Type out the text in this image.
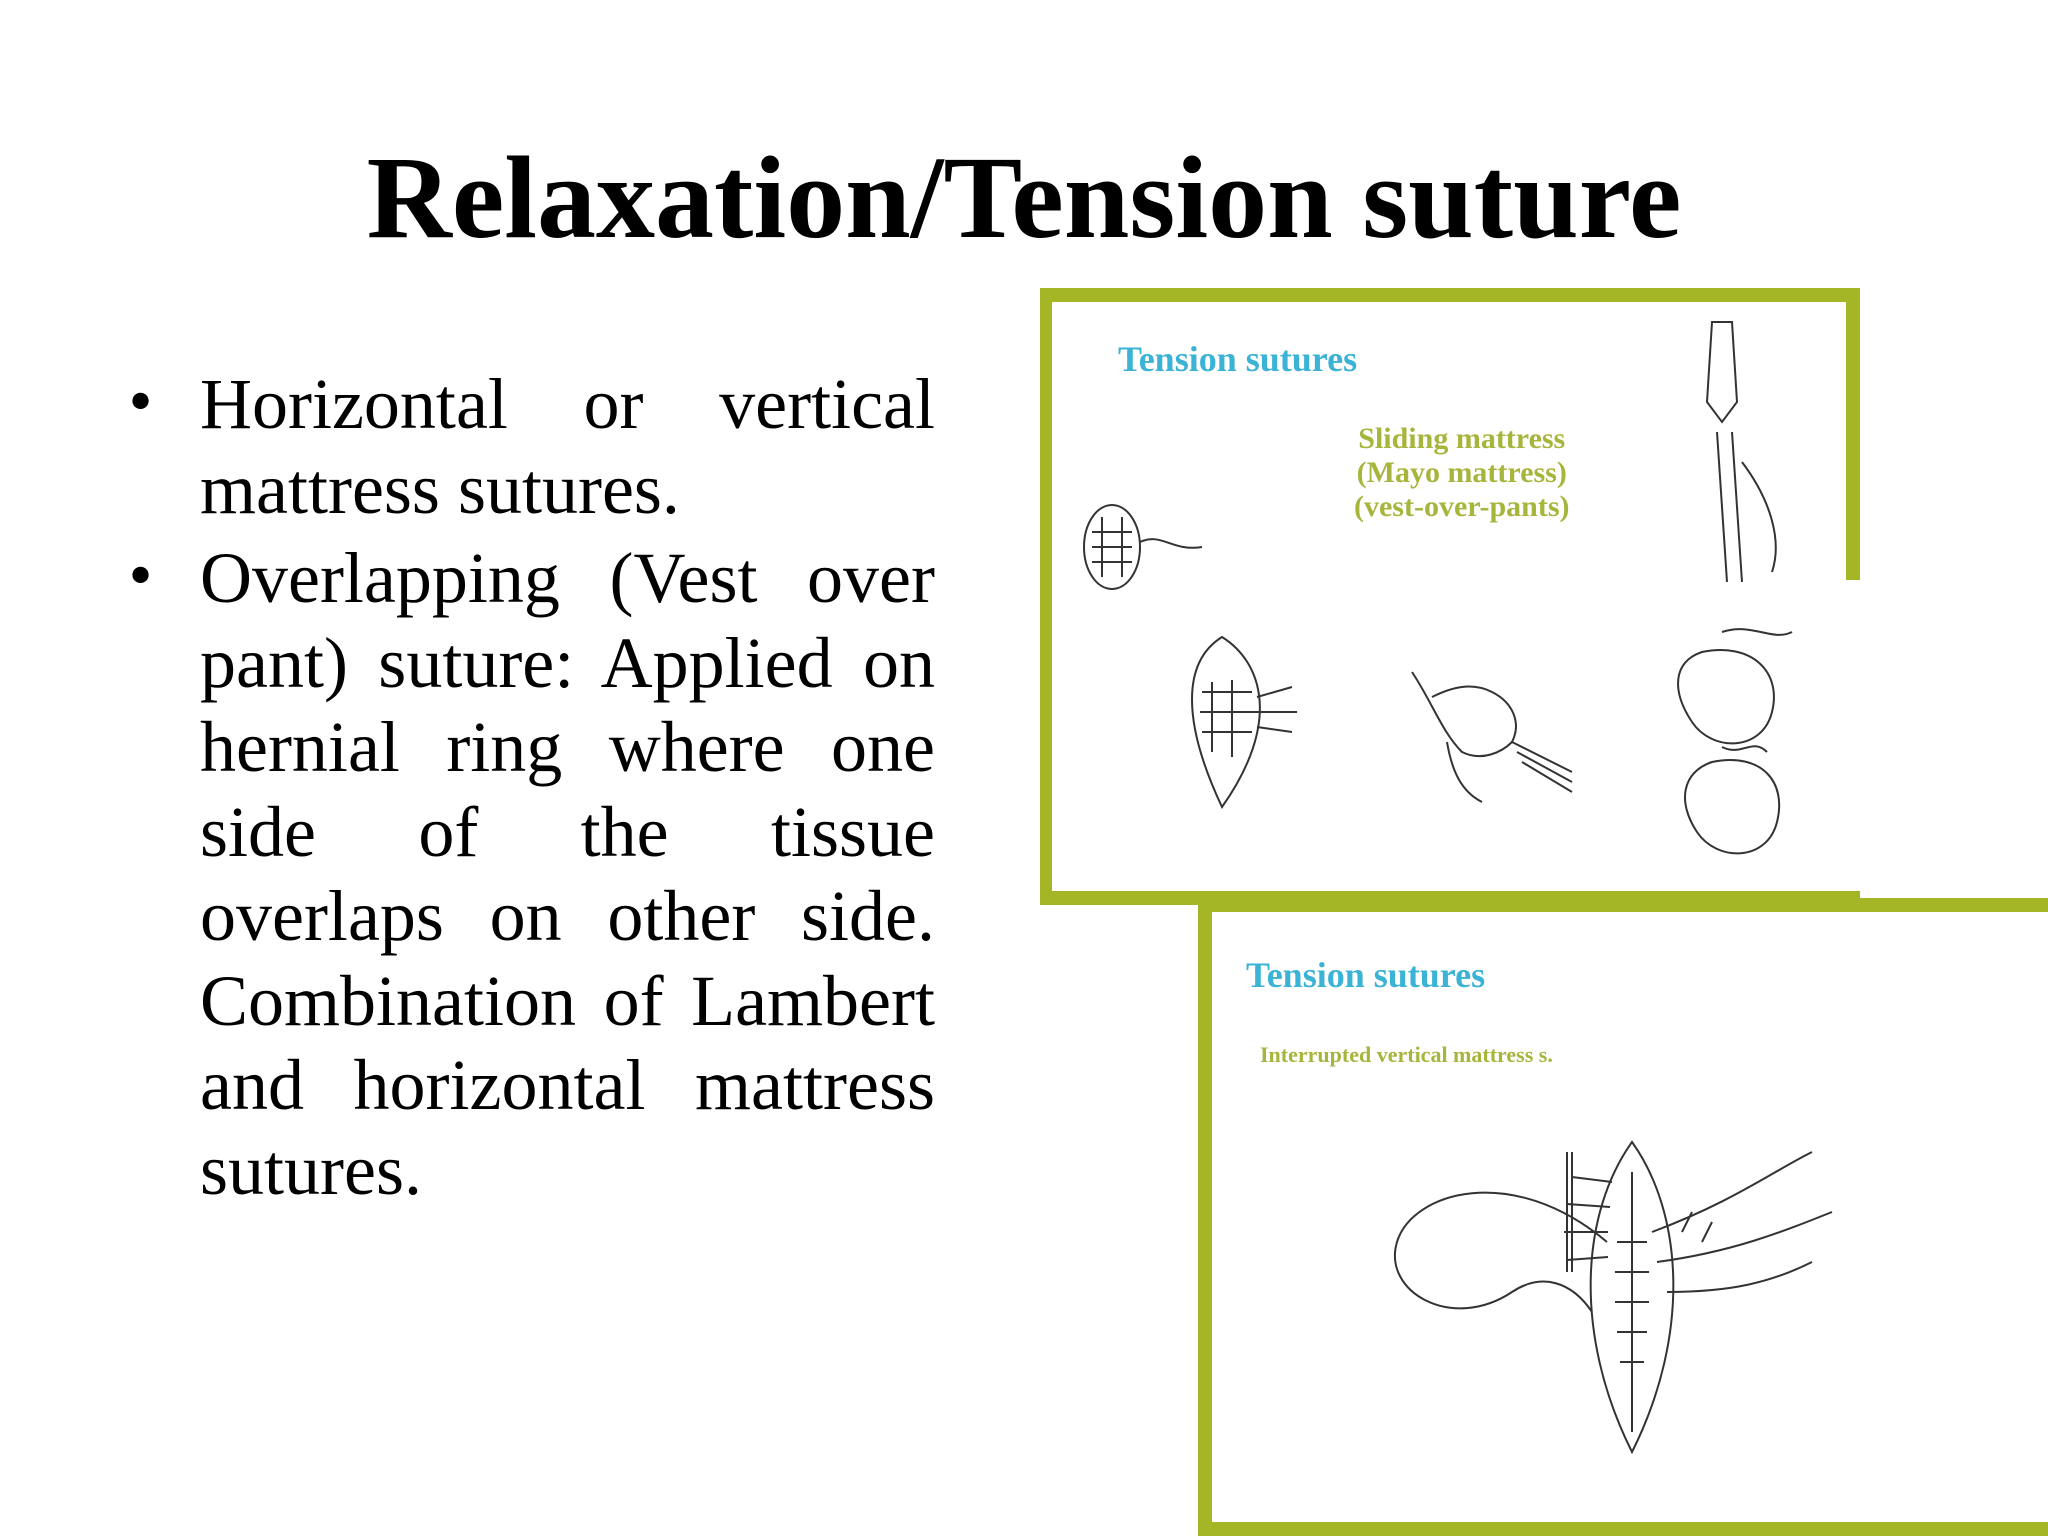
Relaxation/Tension suture
• Horizontal or vertical mattress sutures.
• Overlapping (Vest over pant) suture: Applied on hernial ring where one side of the tissue overlaps on other side. Combination of Lambert and horizontal mattress sutures.
Tension sutures
Sliding mattress
(Mayo mattress)
(vest-over-pants)
Tension sutures
Interrupted vertical mattress s.
